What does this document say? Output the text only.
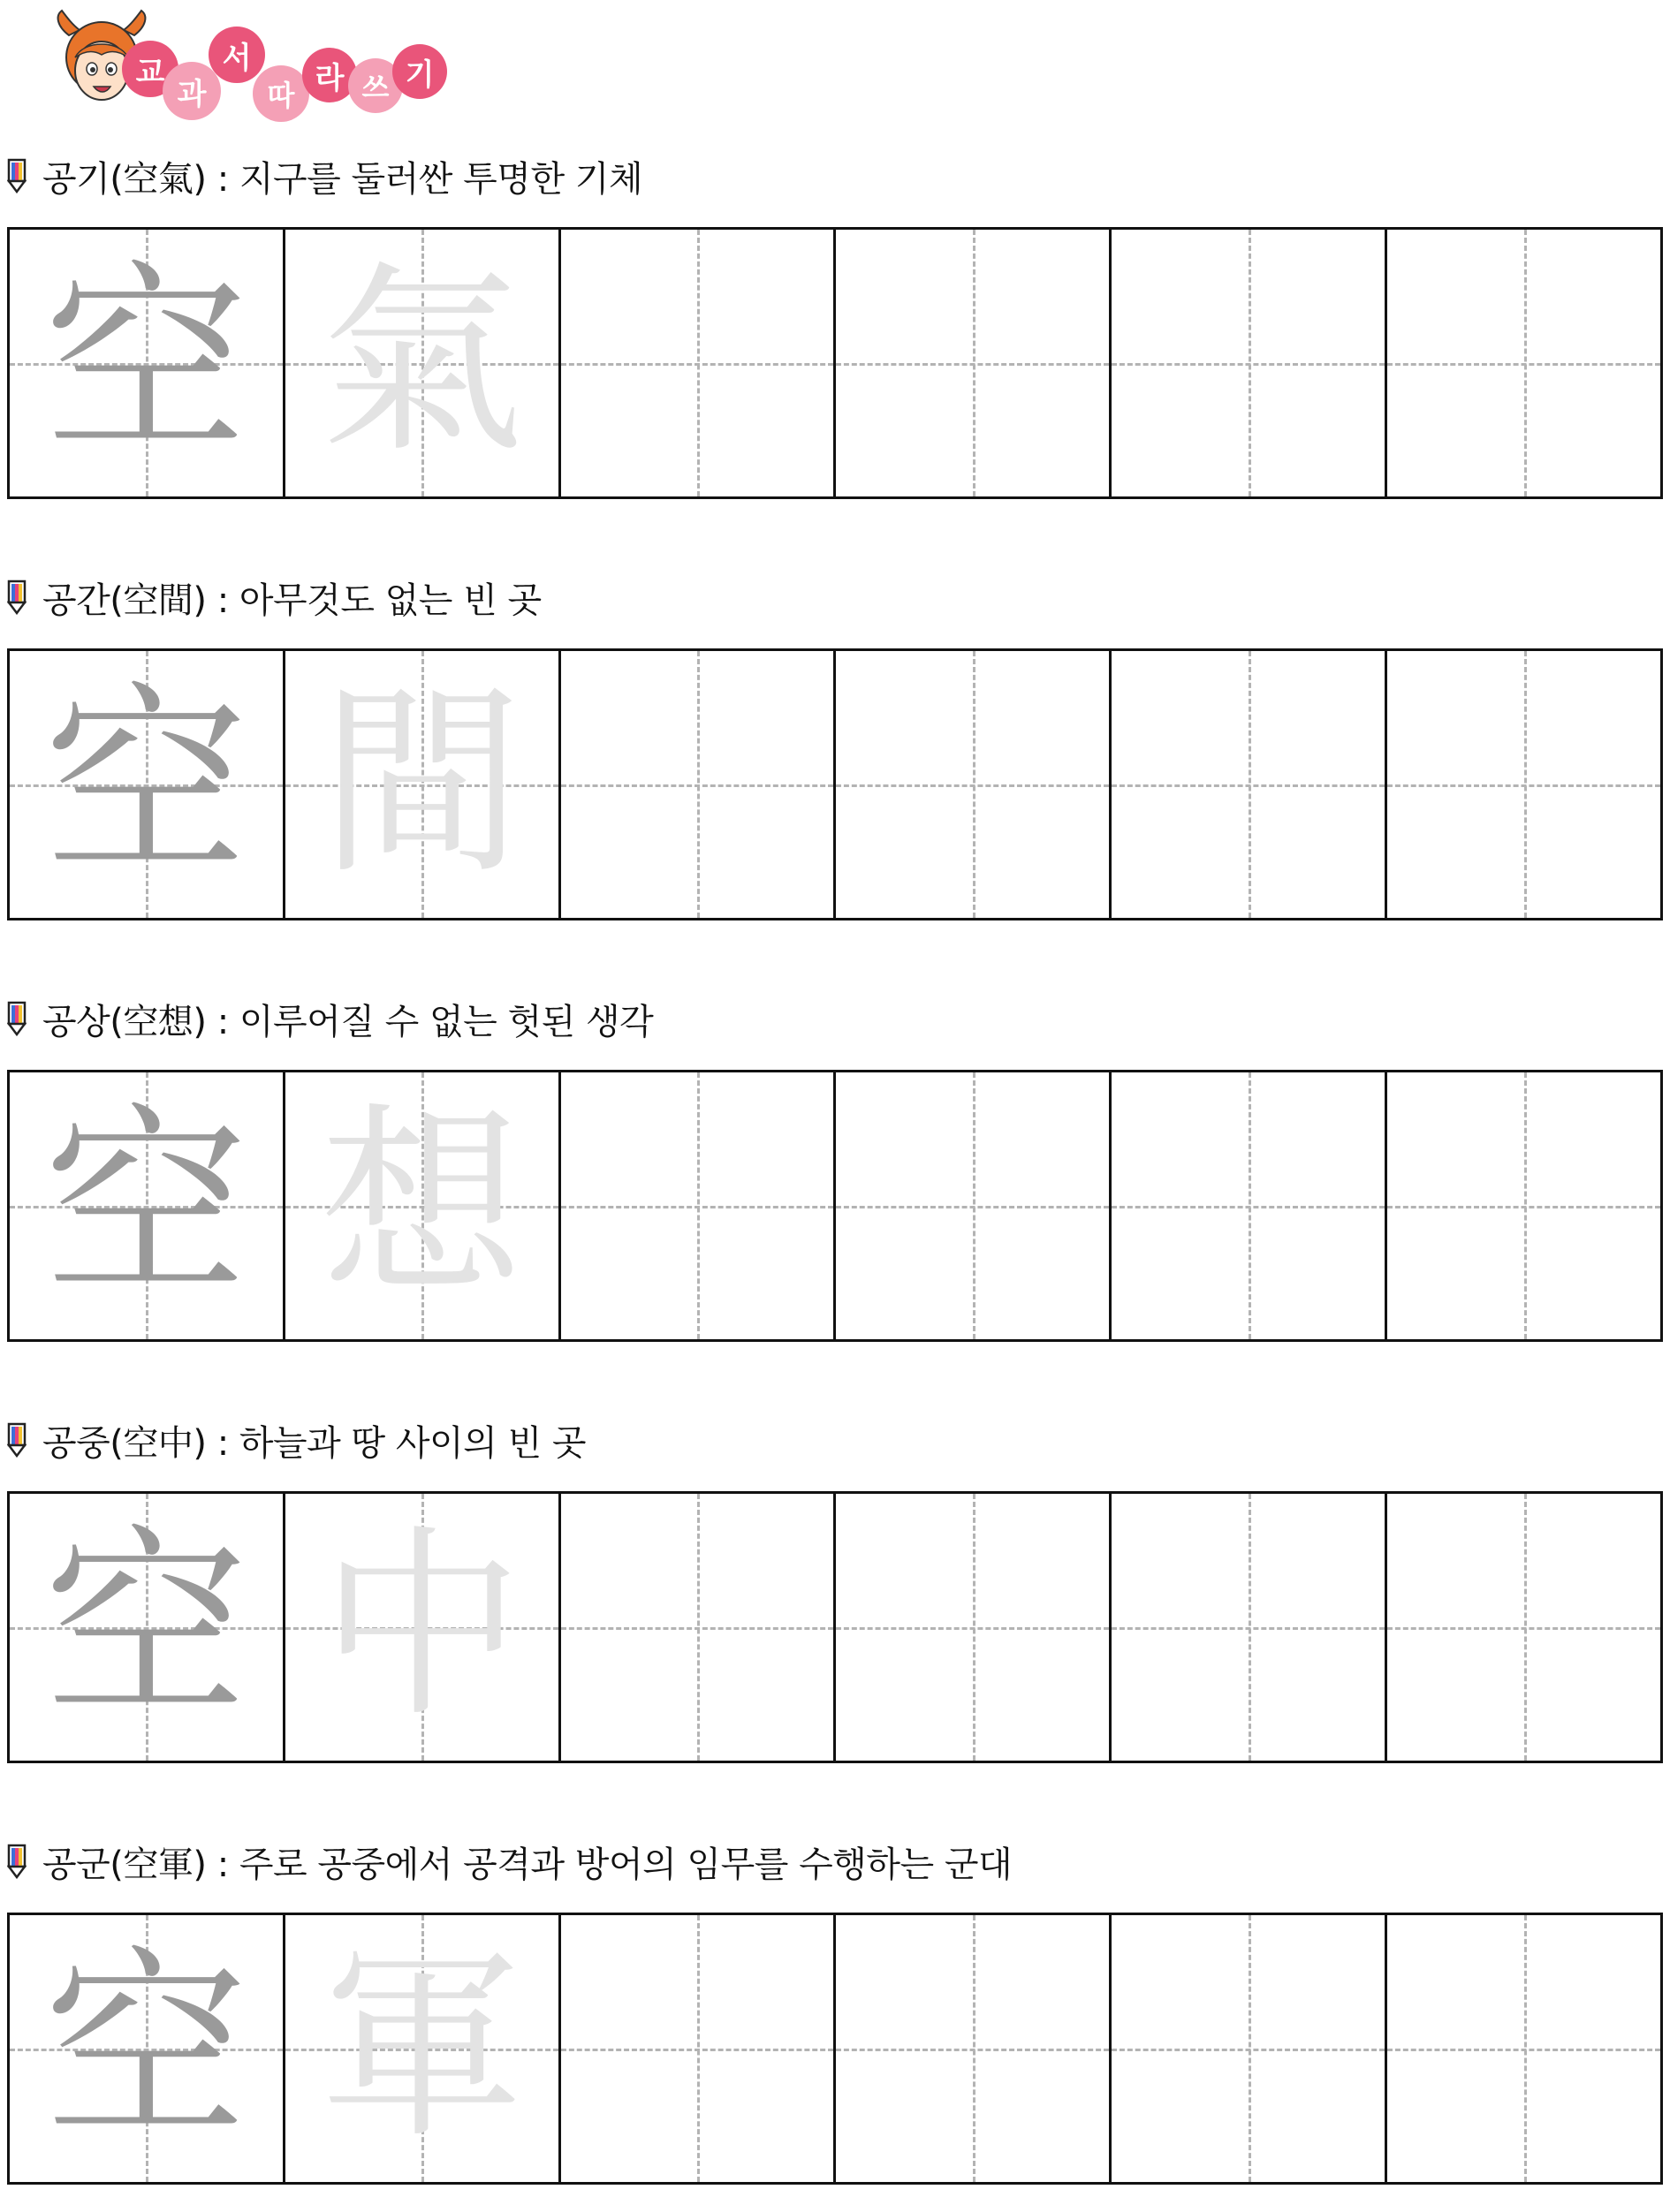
교
과
서
따 라 쓰 기
공기(空氣) : 지구를 둘러싼 투명한 기체
空 氣
공간(空間) : 아무것도 없는 빈 곳
空 間
공상(空想) : 이루어질 수 없는 헛된 생각
空 想
공중(空中) : 하늘과 땅 사이의 빈 곳
空 中
공군(空軍) : 주로 공중에서 공격과 방어의 임무를 수행하는 군대
空 軍
